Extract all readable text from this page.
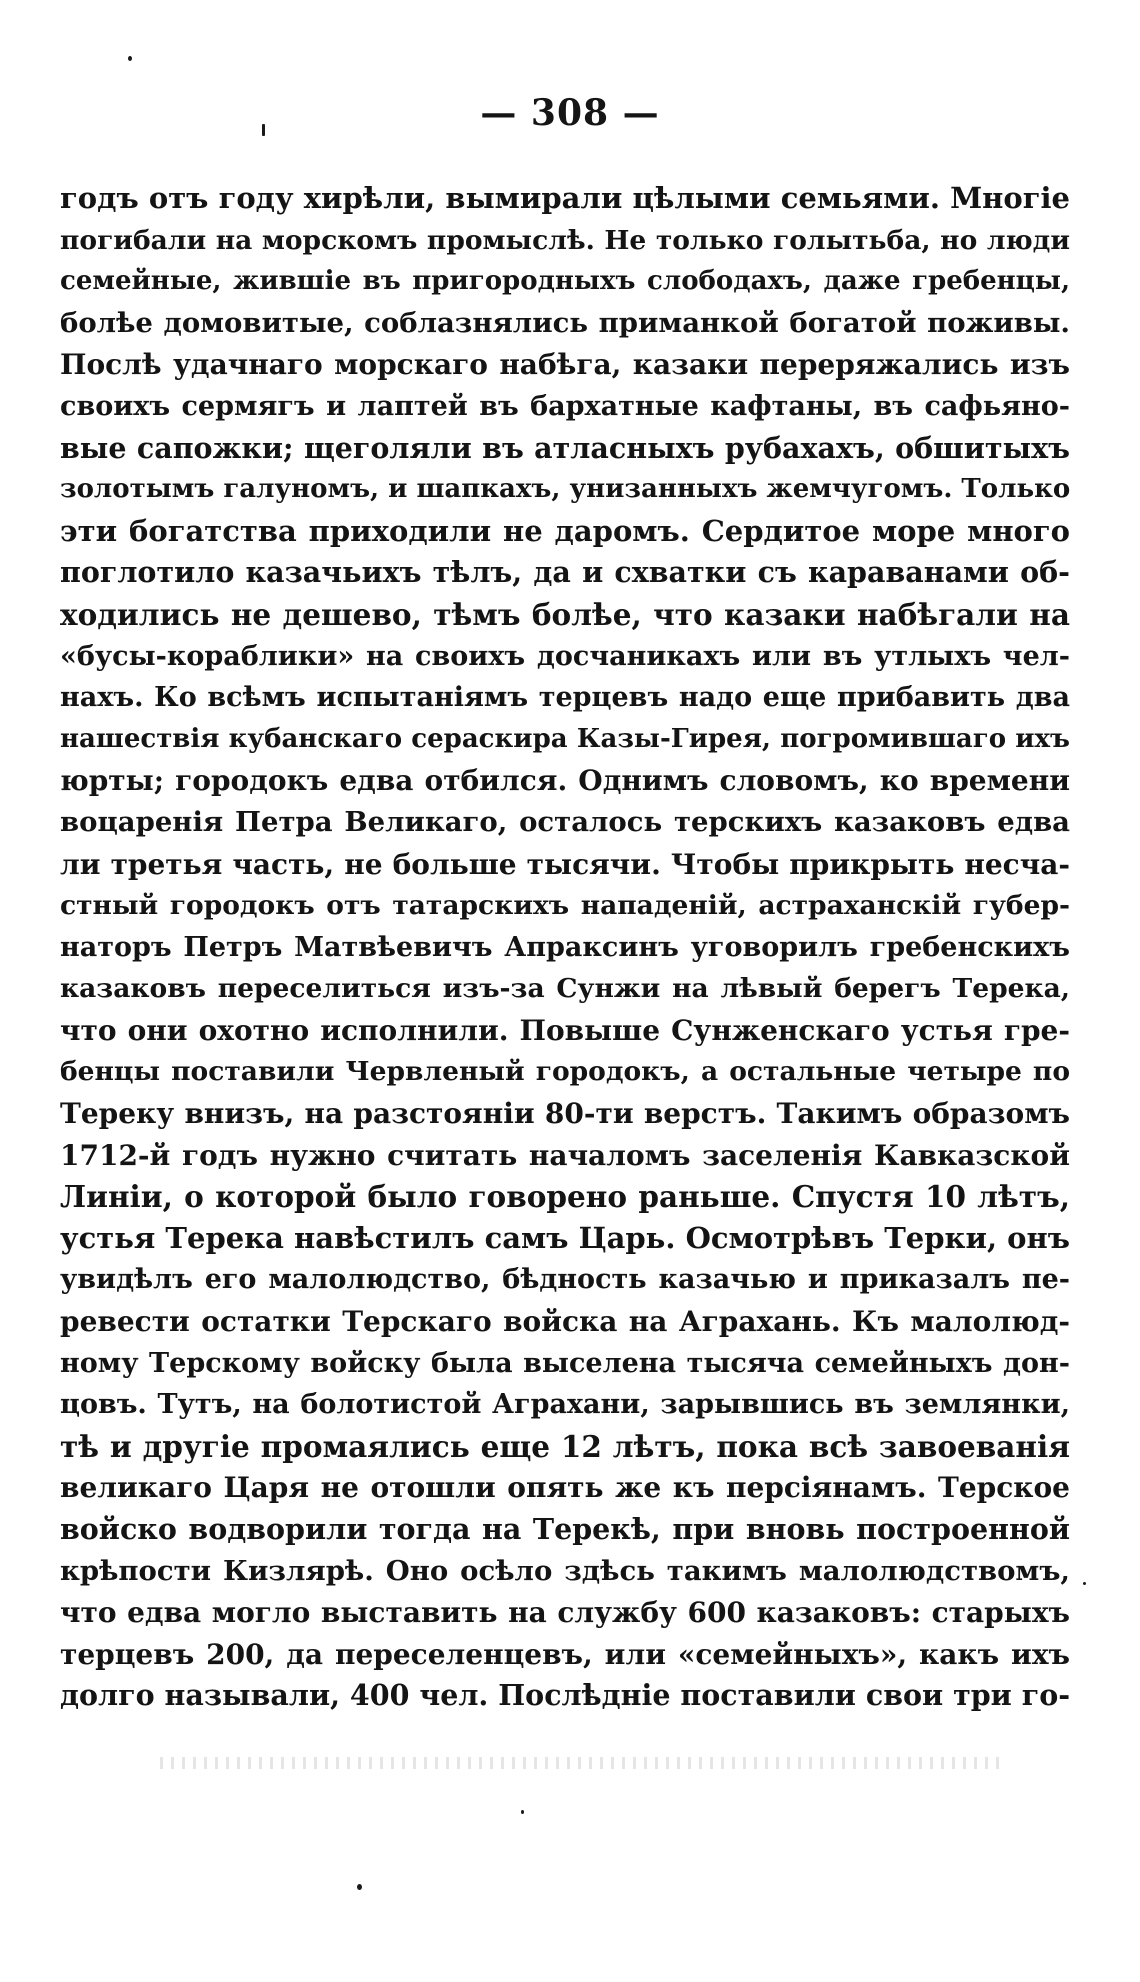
— 308 —
годъ отъ году хирѣли, вымирали цѣлыми семьями. Многіе
погибали на морскомъ промыслѣ. Не только голытьба, но люди
семейные, жившіе въ пригородныхъ слободахъ, даже гребенцы,
болѣе домовитые, соблазнялись приманкой богатой поживы.
Послѣ удачнаго морскаго набѣга, казаки переряжались изъ
своихъ сермягъ и лаптей въ бархатные кафтаны, въ сафьяно-
вые сапожки; щеголяли въ атласныхъ рубахахъ, обшитыхъ
золотымъ галуномъ, и шапкахъ, унизанныхъ жемчугомъ. Только
эти богатства приходили не даромъ. Сердитое море много
поглотило казачьихъ тѣлъ, да и схватки съ караванами об-
ходились не дешево, тѣмъ болѣе, что казаки набѣгали на
«бусы-кораблики» на своихъ досчаникахъ или въ утлыхъ чел-
нахъ. Ко всѣмъ испытаніямъ терцевъ надо еще прибавить два
нашествія кубанскаго сераскира Казы-Гирея, погромившаго ихъ
юрты; городокъ едва отбился. Однимъ словомъ, ко времени
воцаренія Петра Великаго, осталось терскихъ казаковъ едва
ли третья часть, не больше тысячи. Чтобы прикрыть несча-
стный городокъ отъ татарскихъ нападеній, астраханскій губер-
наторъ Петръ Матвѣевичъ Апраксинъ уговорилъ гребенскихъ
казаковъ переселиться изъ-за Сунжи на лѣвый берегъ Терека,
что они охотно исполнили. Повыше Сунженскаго устья гре-
бенцы поставили Червленый городокъ, а остальные четыре по
Тереку внизъ, на разстояніи 80-ти верстъ. Такимъ образомъ
1712-й годъ нужно считать началомъ заселенія Кавказской
Линіи, о которой было говорено раньше. Спустя 10 лѣтъ,
устья Терека навѣстилъ самъ Царь. Осмотрѣвъ Терки, онъ
увидѣлъ его малолюдство, бѣдность казачью и приказалъ пе-
ревести остатки Терскаго войска на Аграхань. Къ малолюд-
ному Терскому войску была выселена тысяча семейныхъ дон-
цовъ. Тутъ, на болотистой Аграхани, зарывшись въ землянки,
тѣ и другіе промаялись еще 12 лѣтъ, пока всѣ завоеванія
великаго Царя не отошли опять же къ персіянамъ. Терское
войско водворили тогда на Терекѣ, при вновь построенной
крѣпости Кизлярѣ. Оно осѣло здѣсь такимъ малолюдствомъ,
что едва могло выставить на службу 600 казаковъ: старыхъ
терцевъ 200, да переселенцевъ, или «семейныхъ», какъ ихъ
долго называли, 400 чел. Послѣдніе поставили свои три го-
